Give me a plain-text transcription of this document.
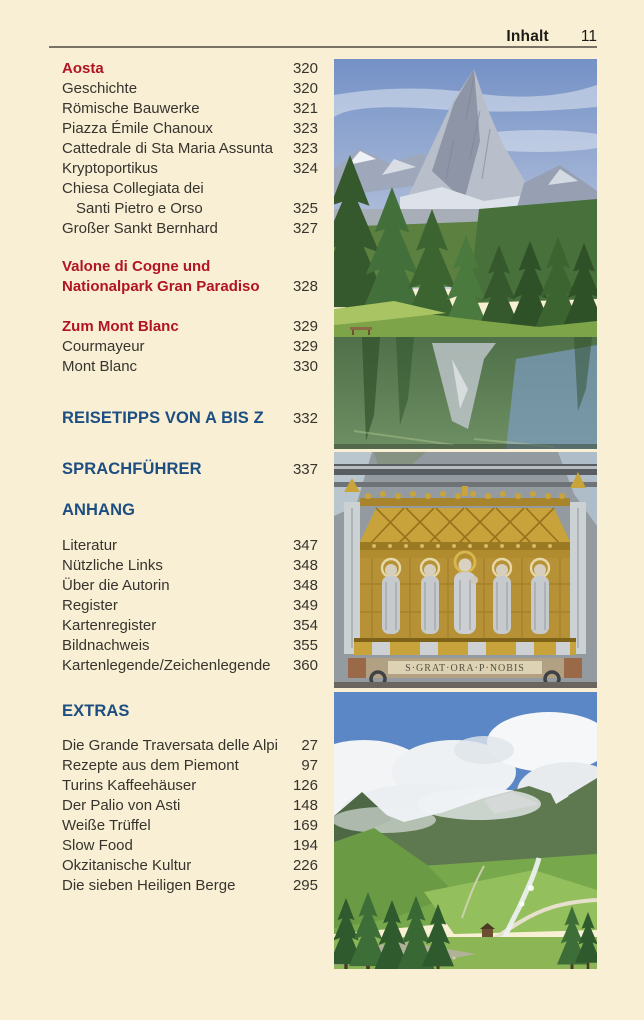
Inhalt 11
Aosta	320
Geschichte	320
Römische Bauwerke	321
Piazza Émile Chanoux	323
Cattedrale di Sta Maria Assunta	323
Kryptoportikus	324
Chiesa Collegiata dei
Santi Pietro e Orso	325
Großer Sankt Bernhard	327
Valone di Cogne und
Nationalpark Gran Paradiso	328
Zum Mont Blanc	329
Courmayeur	329
Mont Blanc	330
REISETIPPS VON A BIS Z	332
SPRACHFÜHRER	337
ANHANG
Literatur	347
Nützliche Links	348
Über die Autorin	348
Register	349
Kartenregister	354
Bildnachweis	355
Kartenlegende/Zeichenlegende	360
EXTRAS
Die Grande Traversata delle Alpi	27
Rezepte aus dem Piemont	97
Turins Kaffeehäuser	126
Der Palio von Asti	148
Weiße Trüffel	169
Slow Food	194
Okzitanische Kultur	226
Die sieben Heiligen Berge	295
S·GRAT·ORA·P·NOBIS
